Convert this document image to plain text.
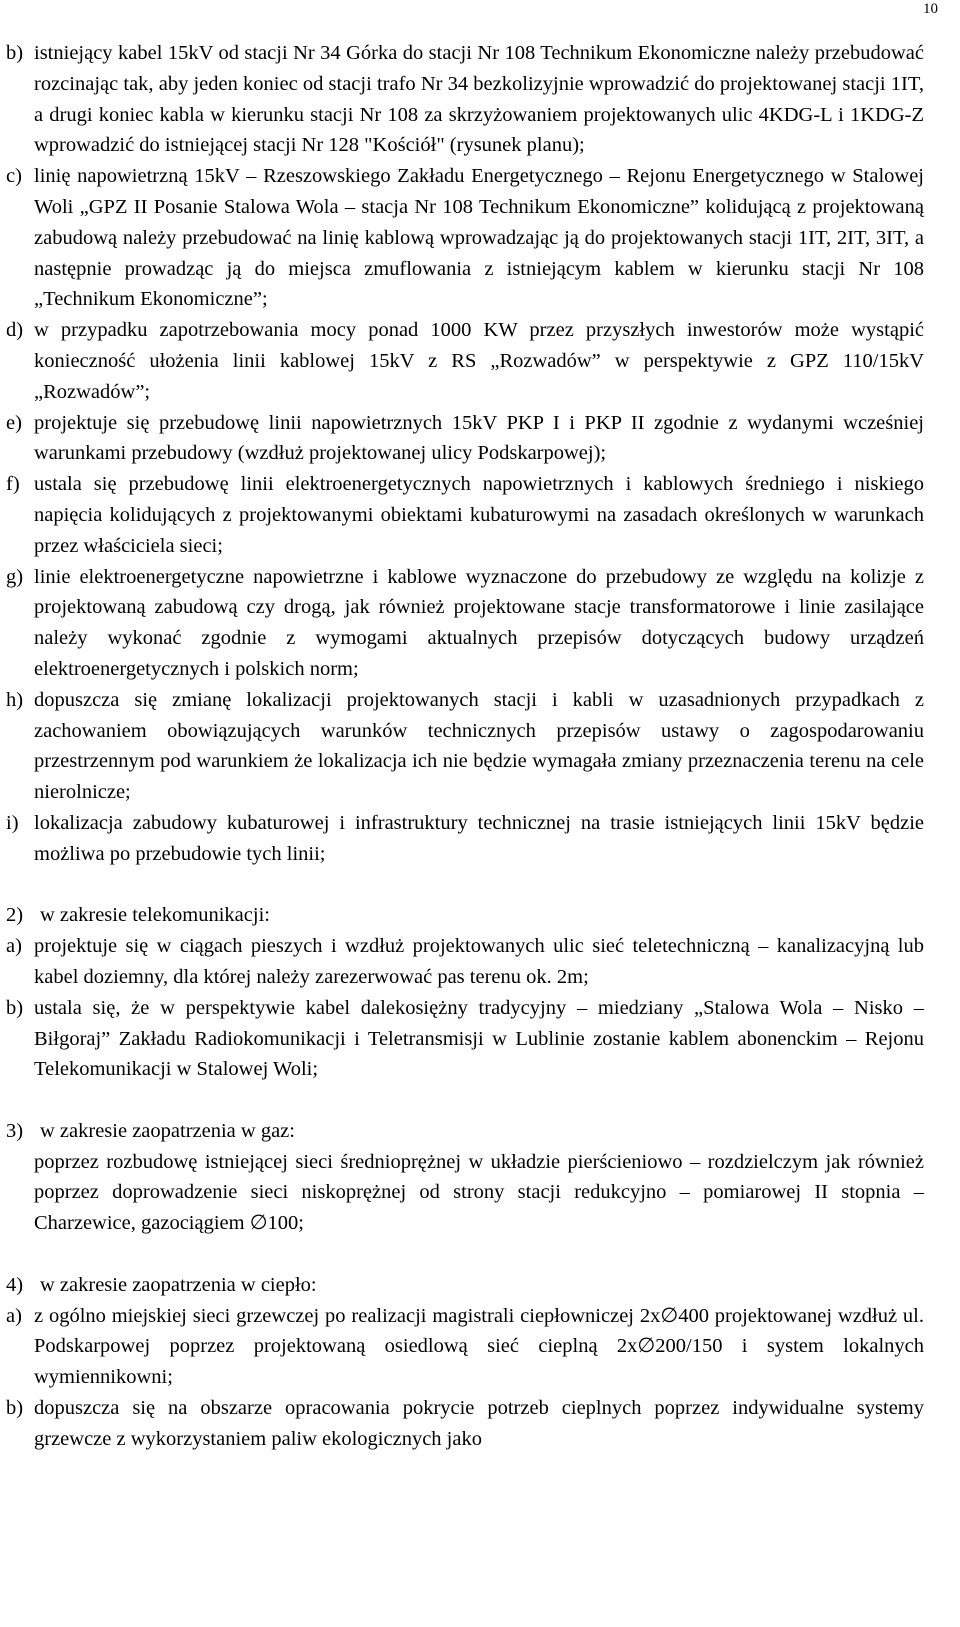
10
b) istniejący kabel 15kV od stacji Nr 34 Górka do stacji Nr 108 Technikum Ekonomiczne należy przebudować rozcinając tak, aby jeden koniec od stacji trafo Nr 34 bezkolizyjnie wprowadzić do projektowanej stacji 1IT, a drugi koniec kabla w kierunku stacji Nr 108 za skrzyżowaniem projektowanych ulic 4KDG-L i 1KDG-Z wprowadzić do istniejącej stacji Nr 128 "Kościół" (rysunek planu);
c) linię napowietrzną 15kV – Rzeszowskiego Zakładu Energetycznego – Rejonu Energetycznego w Stalowej Woli „GPZ II Posanie Stalowa Wola – stacja Nr 108 Technikum Ekonomiczne” kolidującą z projektowaną zabudową należy przebudować na linię kablową wprowadzając ją do projektowanych stacji 1IT, 2IT, 3IT, a następnie prowadząc ją do miejsca zmuflowania z istniejącym kablem w kierunku stacji Nr 108 „Technikum Ekonomiczne”;
d) w przypadku zapotrzebowania mocy ponad 1000 KW przez przyszłych inwestorów może wystąpić konieczność ułożenia linii kablowej 15kV z RS „Rozwadów” w perspektywie z GPZ 110/15kV „Rozwadów”;
e) projektuje się przebudowę linii napowietrznych 15kV PKP I i PKP II zgodnie z wydanymi wcześniej warunkami przebudowy (wzdłuż projektowanej ulicy Podskarpowej);
f) ustala się przebudowę linii elektroenergetycznych napowietrznych i kablowych średniego i niskiego napięcia kolidujących z projektowanymi obiektami kubaturowymi na zasadach określonych w warunkach przez właściciela sieci;
g) linie elektroenergetyczne napowietrzne i kablowe wyznaczone do przebudowy ze względu na kolizje z projektowaną zabudową czy drogą, jak również projektowane stacje transformatorowe i linie zasilające należy wykonać zgodnie z wymogami aktualnych przepisów dotyczących budowy urządzeń elektroenergetycznych i polskich norm;
h) dopuszcza się zmianę lokalizacji projektowanych stacji i kabli w uzasadnionych przypadkach z zachowaniem obowiązujących warunków technicznych przepisów ustawy o zagospodarowaniu przestrzennym pod warunkiem że lokalizacja ich nie będzie wymagała zmiany przeznaczenia terenu na cele nierolnicze;
i) lokalizacja zabudowy kubaturowej i infrastruktury technicznej na trasie istniejących linii 15kV będzie możliwa po przebudowie tych linii;
2) w zakresie telekomunikacji:
a) projektuje się w ciągach pieszych i wzdłuż projektowanych ulic sieć teletechniczną – kanalizacyjną lub kabel doziemny, dla której należy zarezerwować pas terenu ok. 2m;
b) ustala się, że w perspektywie kabel dalekosiężny tradycyjny – miedziany „Stalowa Wola – Nisko – Biłgoraj” Zakładu Radiokomunikacji i Teletransmisji w Lublinie zostanie kablem abonenckim – Rejonu Telekomunikacji w Stalowej Woli;
3) w zakresie zaopatrzenia w gaz:
poprzez rozbudowę istniejącej sieci średnioprężnej w układzie pierścieniowo – rozdzielczym jak również poprzez doprowadzenie sieci niskoprężnej od strony stacji redukcyjno – pomiarowej II stopnia – Charzewice, gazociągiem ∅100;
4) w zakresie zaopatrzenia w ciepło:
a) z ogólno miejskiej sieci grzewczej po realizacji magistrali ciepłowniczej 2x∅400 projektowanej wzdłuż ul. Podskarpowej poprzez projektowaną osiedlową sieć cieplną 2x∅200/150 i system lokalnych wymiennikowni;
b) dopuszcza się na obszarze opracowania pokrycie potrzeb cieplnych poprzez indywidualne systemy grzewcze z wykorzystaniem paliw ekologicznych jako
